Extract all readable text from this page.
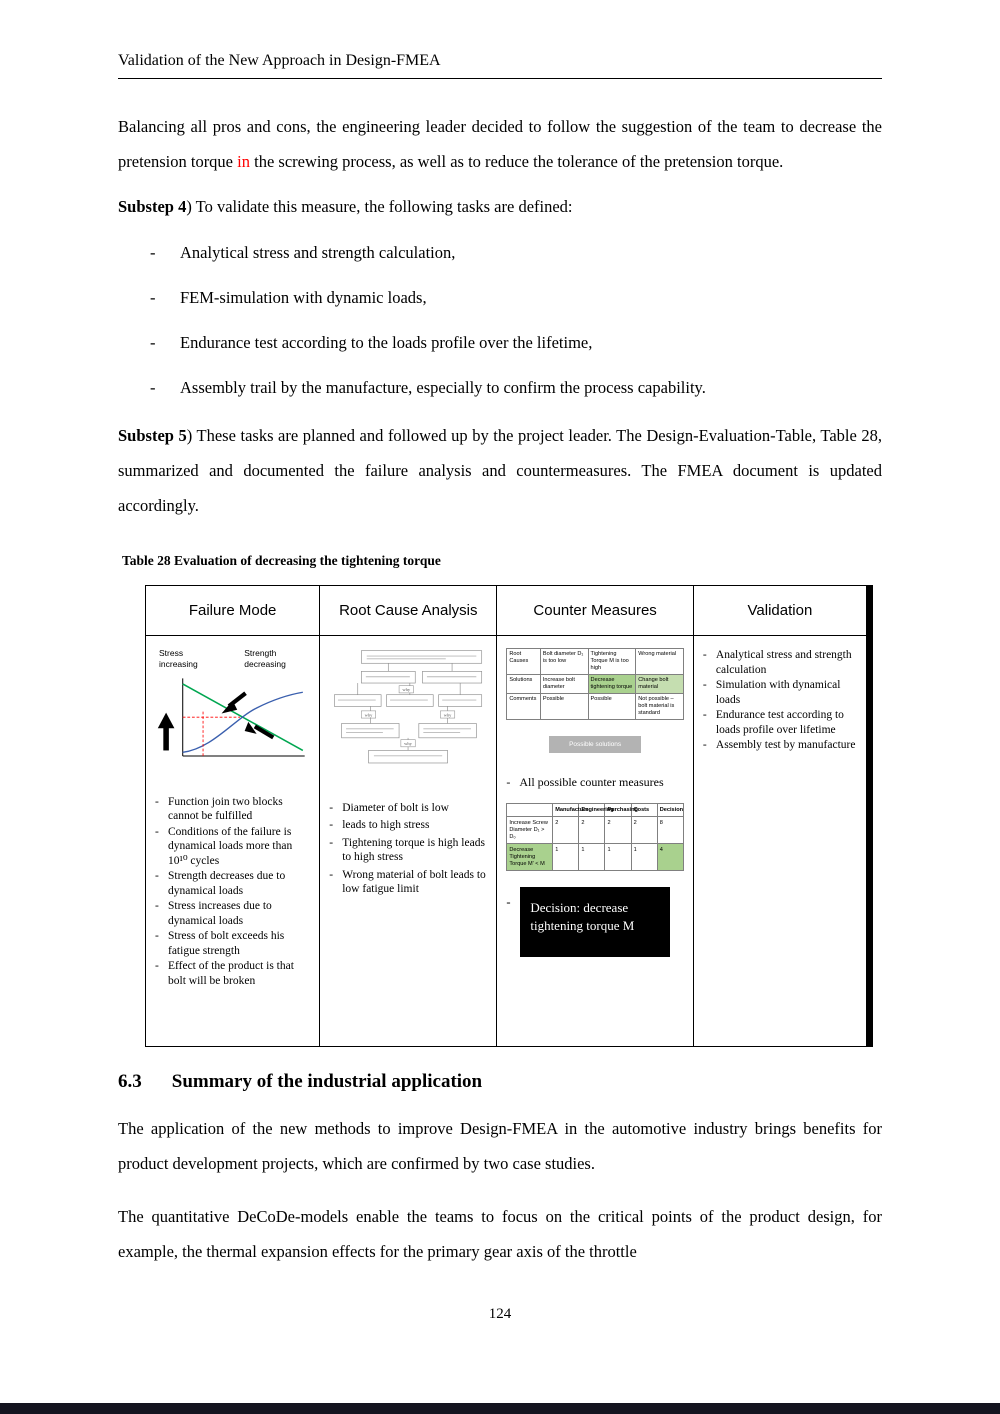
Validation of the New Approach in Design-FMEA

Balancing all pros and cons, the engineering leader decided to follow the suggestion of the team to decrease the pretension torque in the screwing process, as well as to reduce the tolerance of the pretension torque.

Substep 4) To validate this measure, the following tasks are defined:

-	Analytical stress and strength calculation,
-	FEM-simulation with dynamic loads,
-	Endurance test according to the loads profile over the lifetime,
-	Assembly trail by the manufacture, especially to confirm the process capability.

Substep 5) These tasks are planned and followed up by the project leader. The Design-Evaluation-Table, Table 28, summarized and documented the failure analysis and countermeasures. The FMEA document is updated accordingly.

Table 28 Evaluation of decreasing the tightening torque
Failure Mode	Root Cause Analysis	Counter Measures	Validation
Stress increasing
Strength decreasing
- Function join two blocks cannot be fulfilled
- Conditions of the failure is dynamical loads more than 10¹⁰ cycles
- Strength decreases due to dynamical loads
- Stress increases due to dynamical loads
- Stress of bolt exceeds his fatigue strength
- Effect of the product is that bolt will be broken
why
why	why
why
- Diameter of bolt is low
- leads to high stress
- Tightening torque is high leads to high stress
- Wrong material of bolt leads to low fatigue limit
Root Causes	Bolt diameter D₁ is too low	Tightening Torque M is too high	Wrong material
Solutions	Increase bolt diameter	Decrease tightening torque	Change bolt material
Comments	Possible	Possible	Not possible – bolt material is standard
Possible solutions
- All possible counter measures
	Manufacture	Engineering	Purchasing	Costs	Decision
Increase Screw Diameter D₁ > D₀	2	2	2	2	8
Decrease Tightening Torque M' < M	1	1	1	1	4
-	Decision: decrease tightening torque M
- Analytical stress and strength calculation
- Simulation with dynamical loads
- Endurance test according to loads profile over lifetime
- Assembly test by manufacture
6.3 Summary of the industrial application

The application of the new methods to improve Design-FMEA in the automotive industry brings benefits for product development projects, which are confirmed by two case studies.

The quantitative DeCoDe-models enable the teams to focus on the critical points of the product design, for example, the thermal expansion effects for the primary gear axis of the throttle

124
